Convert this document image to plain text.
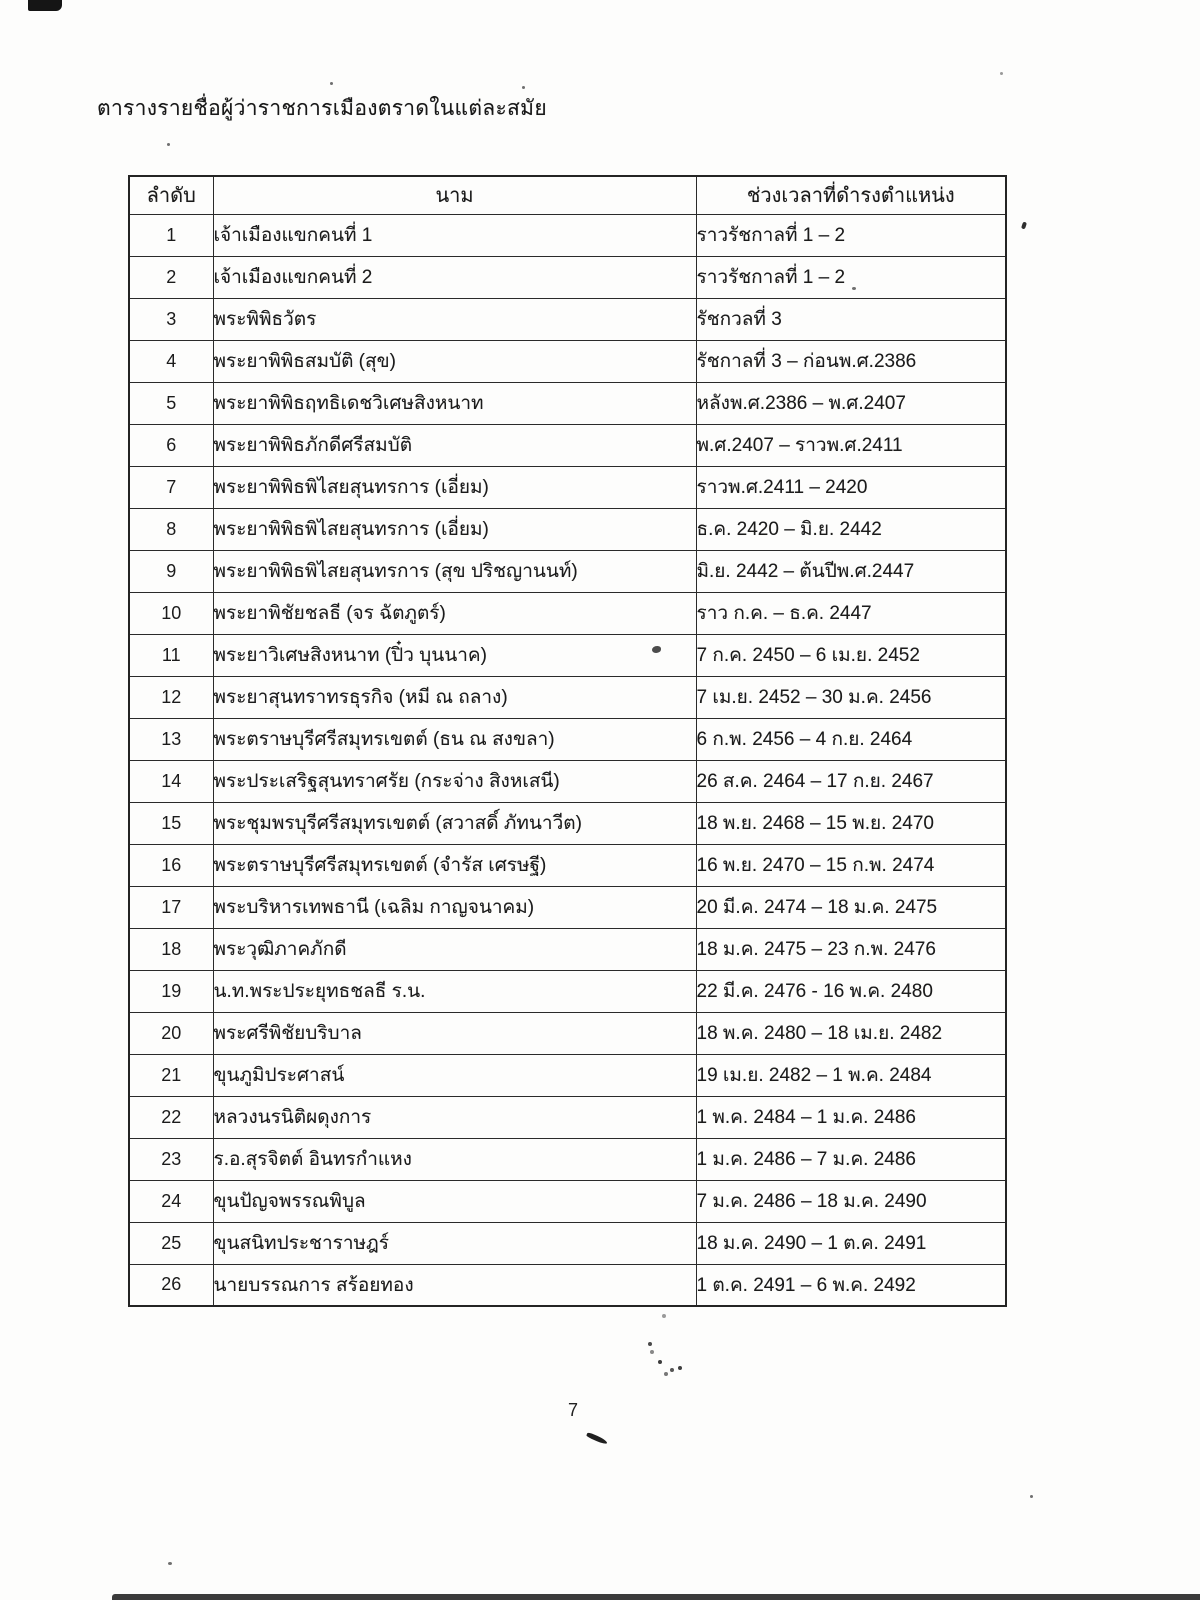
ตารางรายชื่อผู้ว่าราชการเมืองตราดในแต่ละสมัย
ลำดับ	นาม	ช่วงเวลาที่ดำรงตำแหน่ง
1	เจ้าเมืองแขกคนที่ 1	ราวรัชกาลที่ 1 – 2
2	เจ้าเมืองแขกคนที่ 2	ราวรัชกาลที่ 1 – 2
3	พระพิพิธวัตร	รัชกวลที่ 3
4	พระยาพิพิธสมบัติ (สุข)	รัชกาลที่ 3 – ก่อนพ.ศ.2386
5	พระยาพิพิธฤทธิเดชวิเศษสิงหนาท	หลังพ.ศ.2386 – พ.ศ.2407
6	พระยาพิพิธภักดีศรีสมบัติ	พ.ศ.2407 – ราวพ.ศ.2411
7	พระยาพิพิธพิไสยสุนทรการ (เอี่ยม)	ราวพ.ศ.2411 – 2420
8	พระยาพิพิธพิไสยสุนทรการ (เอี่ยม)	ธ.ค. 2420 – มิ.ย. 2442
9	พระยาพิพิธพิไสยสุนทรการ (สุข ปริชญานนท์)	มิ.ย. 2442 – ต้นปีพ.ศ.2447
10	พระยาพิชัยชลธี (จร ฉัตภูตร์)	ราว ก.ค. – ธ.ค. 2447
11	พระยาวิเศษสิงหนาท (ปิ๋ว บุนนาค)	7 ก.ค. 2450 – 6 เม.ย. 2452
12	พระยาสุนทราทรธุรกิจ (หมี ณ ถลาง)	7 เม.ย. 2452 – 30 ม.ค. 2456
13	พระตราษบุรีศรีสมุทรเขตต์ (ธน ณ สงขลา)	6 ก.พ. 2456 – 4 ก.ย. 2464
14	พระประเสริฐสุนทราศรัย (กระจ่าง สิงหเสนี)	26 ส.ค. 2464 – 17 ก.ย. 2467
15	พระชุมพรบุรีศรีสมุทรเขตต์ (สวาสดิ์ ภัทนาวีต)	18 พ.ย. 2468 – 15 พ.ย. 2470
16	พระตราษบุรีศรีสมุทรเขตต์ (จำรัส เศรษฐี)	16 พ.ย. 2470 – 15 ก.พ. 2474
17	พระบริหารเทพธานี (เฉลิม กาญจนาคม)	20 มี.ค. 2474 – 18 ม.ค. 2475
18	พระวุฒิภาคภักดี	18 ม.ค. 2475 – 23 ก.พ. 2476
19	น.ท.พระประยุทธชลธี ร.น.	22 มี.ค. 2476 - 16 พ.ค. 2480
20	พระศรีพิชัยบริบาล	18 พ.ค. 2480 – 18 เม.ย. 2482
21	ขุนภูมิประศาสน์	19 เม.ย. 2482 – 1 พ.ค. 2484
22	หลวงนรนิติผดุงการ	1 พ.ค. 2484 – 1 ม.ค. 2486
23	ร.อ.สุรจิตต์ อินทรกำแหง	1 ม.ค. 2486 – 7 ม.ค. 2486
24	ขุนปัญจพรรณพิบูล	7 ม.ค. 2486 – 18 ม.ค. 2490
25	ขุนสนิทประชาราษฎร์	18 ม.ค. 2490 – 1 ต.ค. 2491
26	นายบรรณการ สร้อยทอง	1 ต.ค. 2491 – 6 พ.ค. 2492
7
